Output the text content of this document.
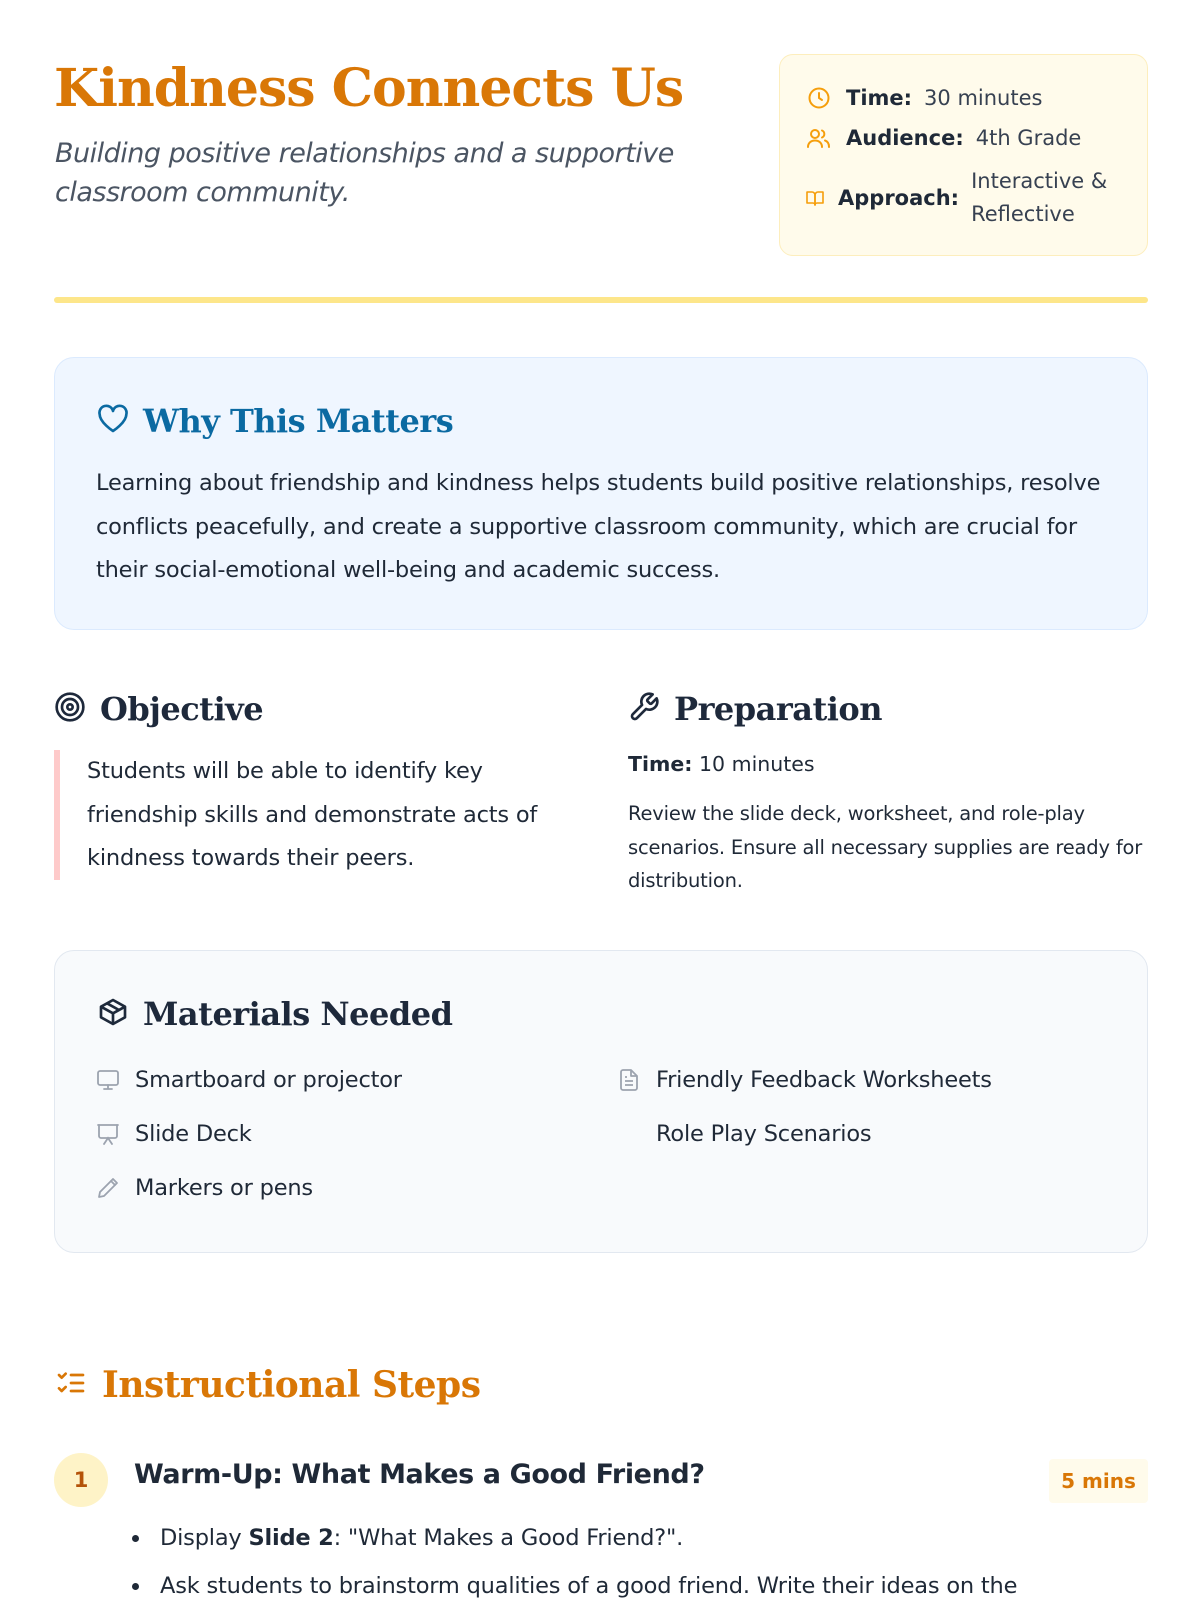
Kindness Connects Us

Building positive relationships and a supportive classroom community.

Time: 30 minutes
Audience: 4th Grade
Approach:
Interactive & Reflective
Why This Matters

Learning about friendship and kindness helps students build positive relationships, resolve conflicts peacefully, and create a supportive classroom community, which are crucial for their social-emotional well-being and academic success.

Objective

Students will be able to identify key friendship skills and demonstrate acts of kindness towards their peers.

Preparation

Time: 10 minutes

Review the slide deck, worksheet, and role-play scenarios. Ensure all necessary supplies are ready for distribution.

Materials Needed
Smartboard or projector
Slide Deck
Markers or pens
Friendly Feedback Worksheets
Role Play Scenarios
Instructional Steps
1	Warm-Up: What Makes a Good Friend?	5 mins
Display Slide 2: "What Makes a Good Friend?".
Ask students to brainstorm qualities of a good friend. Write their ideas on the
